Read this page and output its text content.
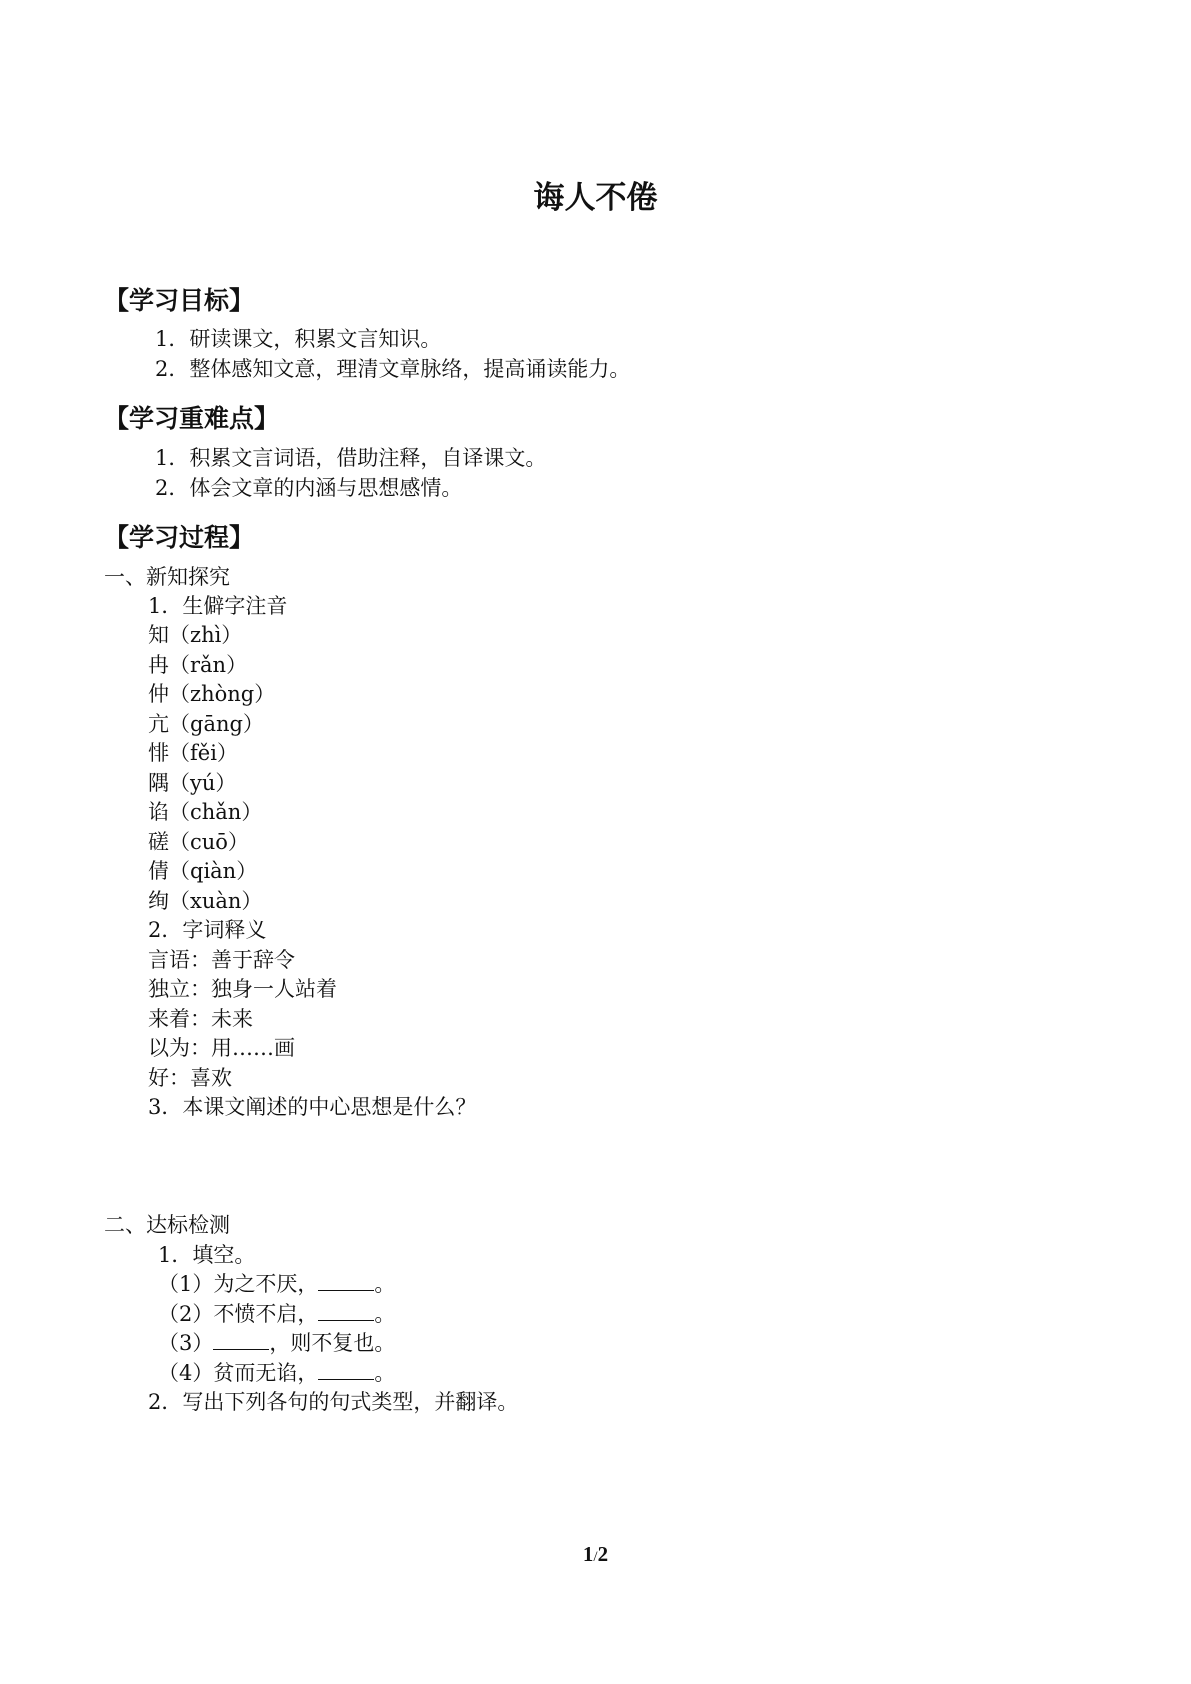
诲人不倦
【学习目标】
1．研读课文，积累文言知识。
2．整体感知文意，理清文章脉络，提高诵读能力。
【学习重难点】
1．积累文言词语，借助注释，自译课文。
2．体会文章的内涵与思想感情。
【学习过程】
一、新知探究
1．生僻字注音
知（zhì）
冉（rǎn）
仲（zhòng）
亢（gāng）
悱（fěi）
隅（yú）
谄（chǎn）
磋（cuō）
倩（qiàn）
绚（xuàn）
2．字词释义
言语：善于辞令
独立：独身一人站着
来着：未来
以为：用……画
好：喜欢
3．本课文阐述的中心思想是什么？
二、达标检测
1．填空。
（1）为之不厌，	。
（2）不愤不启，	。
（3）	，则不复也。
（4）贫而无谄，	。
2．写出下列各句的句式类型，并翻译。
1/2
